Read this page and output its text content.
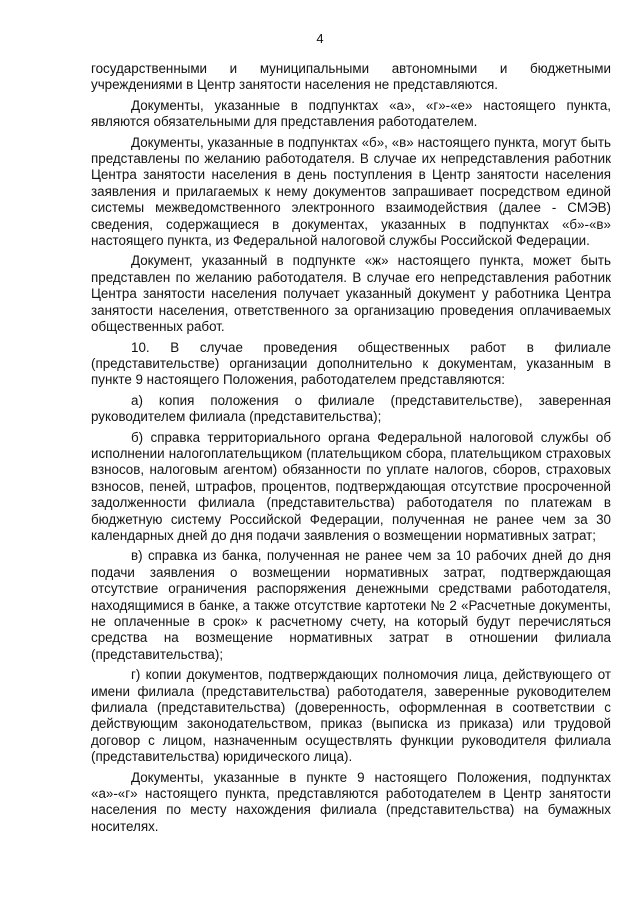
4

государственными и муниципальными автономными и бюджетными учреждениями в Центр занятости населения не представляются.

Документы, указанные в подпунктах «а», «г»-«е» настоящего пункта, являются обязательными для представления работодателем.

Документы, указанные в подпунктах «б», «в» настоящего пункта, могут быть представлены по желанию работодателя. В случае их непредставления работник Центра занятости населения в день поступления в Центр занятости населения заявления и прилагаемых к нему документов запрашивает посредством единой системы межведомственного электронного взаимодействия (далее - СМЭВ) сведения, содержащиеся в документах, указанных в подпунктах «б»-«в» настоящего пункта, из Федеральной налоговой службы Российской Федерации.

Документ, указанный в подпункте «ж» настоящего пункта, может быть представлен по желанию работодателя. В случае его непредставления работник Центра занятости населения получает указанный документ у работника Центра занятости населения, ответственного за организацию проведения оплачиваемых общественных работ.

10. В случае проведения общественных работ в филиале (представительстве) организации дополнительно к документам, указанным в пункте 9 настоящего Положения, работодателем представляются:

а) копия положения о филиале (представительстве), заверенная руководителем филиала (представительства);

б) справка территориального органа Федеральной налоговой службы об исполнении налогоплательщиком (плательщиком сбора, плательщиком страховых взносов, налоговым агентом) обязанности по уплате налогов, сборов, страховых взносов, пеней, штрафов, процентов, подтверждающая отсутствие просроченной задолженности филиала (представительства) работодателя по платежам в бюджетную систему Российской Федерации, полученная не ранее чем за 30 календарных дней до дня подачи заявления о возмещении нормативных затрат;

в) справка из банка, полученная не ранее чем за 10 рабочих дней до дня подачи заявления о возмещении нормативных затрат, подтверждающая отсутствие ограничения распоряжения денежными средствами работодателя, находящимися в банке, а также отсутствие картотеки № 2 «Расчетные документы, не оплаченные в срок» к расчетному счету, на который будут перечисляться средства на возмещение нормативных затрат в отношении филиала (представительства);

г) копии документов, подтверждающих полномочия лица, действующего от имени филиала (представительства) работодателя, заверенные руководителем филиала (представительства) (доверенность, оформленная в соответствии с действующим законодательством, приказ (выписка из приказа) или трудовой договор с лицом, назначенным осуществлять функции руководителя филиала (представительства) юридического лица).

Документы, указанные в пункте 9 настоящего Положения, подпунктах «а»-«г» настоящего пункта, представляются работодателем в Центр занятости населения по месту нахождения филиала (представительства) на бумажных носителях.
